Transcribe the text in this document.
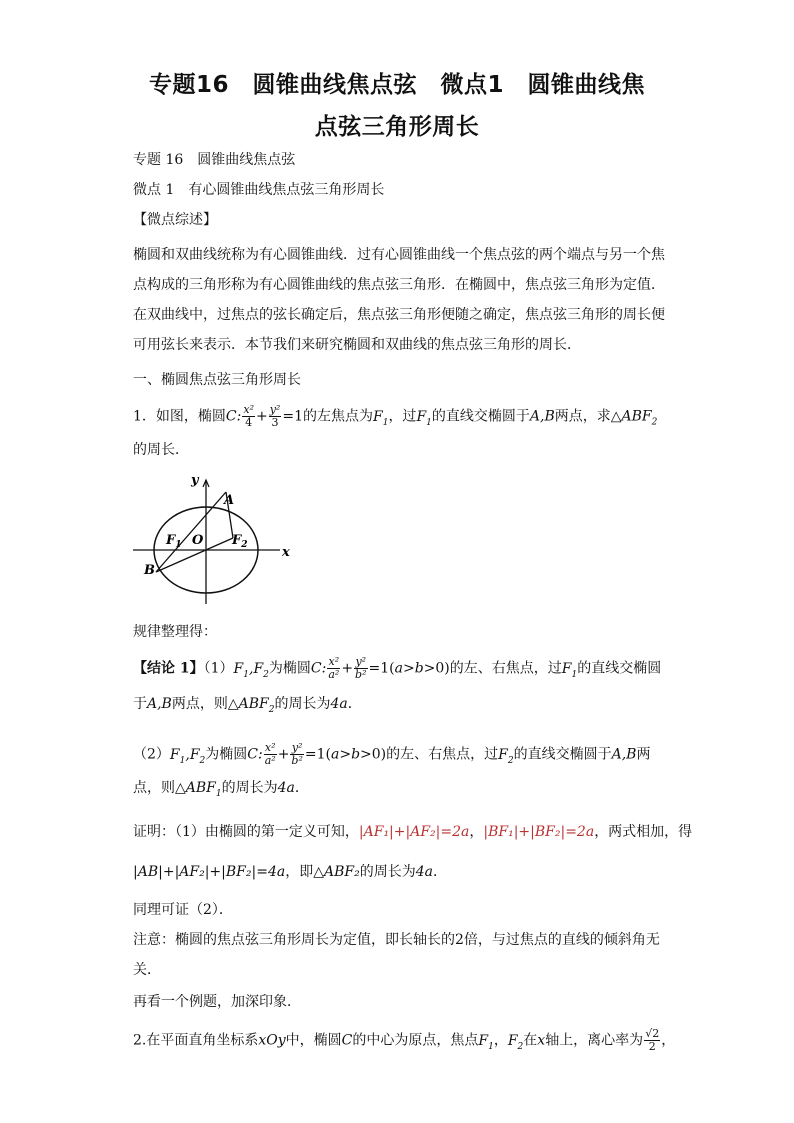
专题16　圆锥曲线焦点弦　微点1　圆锥曲线焦
点弦三角形周长
专题 16　圆锥曲线焦点弦
微点 1　有心圆锥曲线焦点弦三角形周长
【微点综述】
椭圆和双曲线统称为有心圆锥曲线．过有心圆锥曲线一个焦点弦的两个端点与另一个焦点构成的三角形称为有心圆锥曲线的焦点弦三角形．在椭圆中，焦点弦三角形为定值．在双曲线中，过焦点的弦长确定后，焦点弦三角形便随之确定，焦点弦三角形的周长便可用弦长来表示．本节我们来研究椭圆和双曲线的焦点弦三角形的周长．
一、椭圆焦点弦三角形周长
1．如图，椭圆C: $\frac{\text{x²}}{4} + \frac{\text{y²}}{3} =1$的左焦点为$F_1$，过$F_1$的直线交椭圆于A,B两点，求$\triangle ABF_2$
的周长．
y
x
A
B
O
$F_1$	$F_2$
规律整理得：
【结论 1】$(1)F_1,F_2$为椭圆C: $\frac{\text{x²}}{\text{a²}} + \frac{\text{y²}}{\text{b²}} =1(a>b>0)$的左、右焦点，过$F_1$的直线交椭圆
于A,B两点，则$\triangle ABF_2$的周长为4a．
$(2)F_1,F_2$为椭圆C: $\frac{\text{x²}}{\text{a²}} + \frac{\text{y²}}{\text{b²}} =1(a>b>0)$的左、右焦点，过$F_2$的直线交椭圆于A,B两
点，则$\triangle ABF_1$的周长为4a．
证明：（1）由椭圆的第一定义可知，|AF₁|+|AF₂|=2a，|BF₁|+|BF₂|=2a，两式相加，得
|AB|+|AF₂|+|BF₂|=4a，即△ABF₂的周长为4a．
同理可证（2）．
注意：椭圆的焦点弦三角形周长为定值，即长轴长的2倍，与过焦点的直线的倾斜角无关．
再看一个例题，加深印象．
2.在平面直角坐标系xOy中，椭圆C的中心为原点，焦点$F_1$，$F_2$在x轴上，离心率为 $\frac{√2}{2}$ ，
